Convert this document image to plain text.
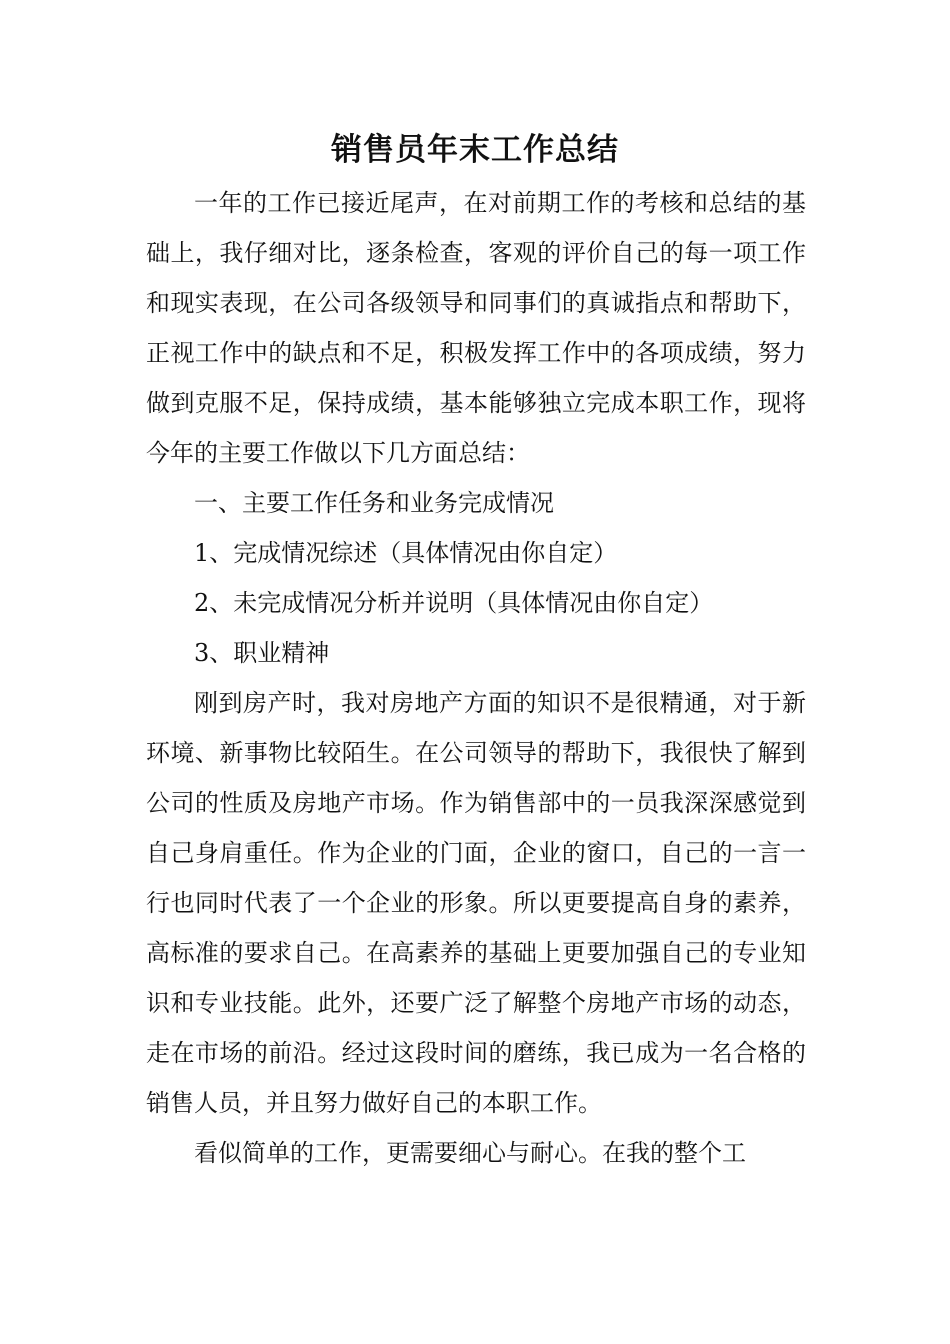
销售员年末工作总结

一年的工作已接近尾声，在对前期工作的考核和总结的基础上，我仔细对比，逐条检查，客观的评价自己的每一项工作和现实表现，在公司各级领导和同事们的真诚指点和帮助下，正视工作中的缺点和不足，积极发挥工作中的各项成绩，努力做到克服不足，保持成绩，基本能够独立完成本职工作，现将今年的主要工作做以下几方面总结：

一、主要工作任务和业务完成情况

1、完成情况综述（具体情况由你自定）

2、未完成情况分析并说明（具体情况由你自定）

3、职业精神

刚到房产时，我对房地产方面的知识不是很精通，对于新环境、新事物比较陌生。在公司领导的帮助下，我很快了解到公司的性质及房地产市场。作为销售部中的一员我深深感觉到自己身肩重任。作为企业的门面，企业的窗口，自己的一言一行也同时代表了一个企业的形象。所以更要提高自身的素养，高标准的要求自己。在高素养的基础上更要加强自己的专业知识和专业技能。此外，还要广泛了解整个房地产市场的动态，走在市场的前沿。经过这段时间的磨练，我已成为一名合格的销售人员，并且努力做好自己的本职工作。

看似简单的工作，更需要细心与耐心。在我的整个工
